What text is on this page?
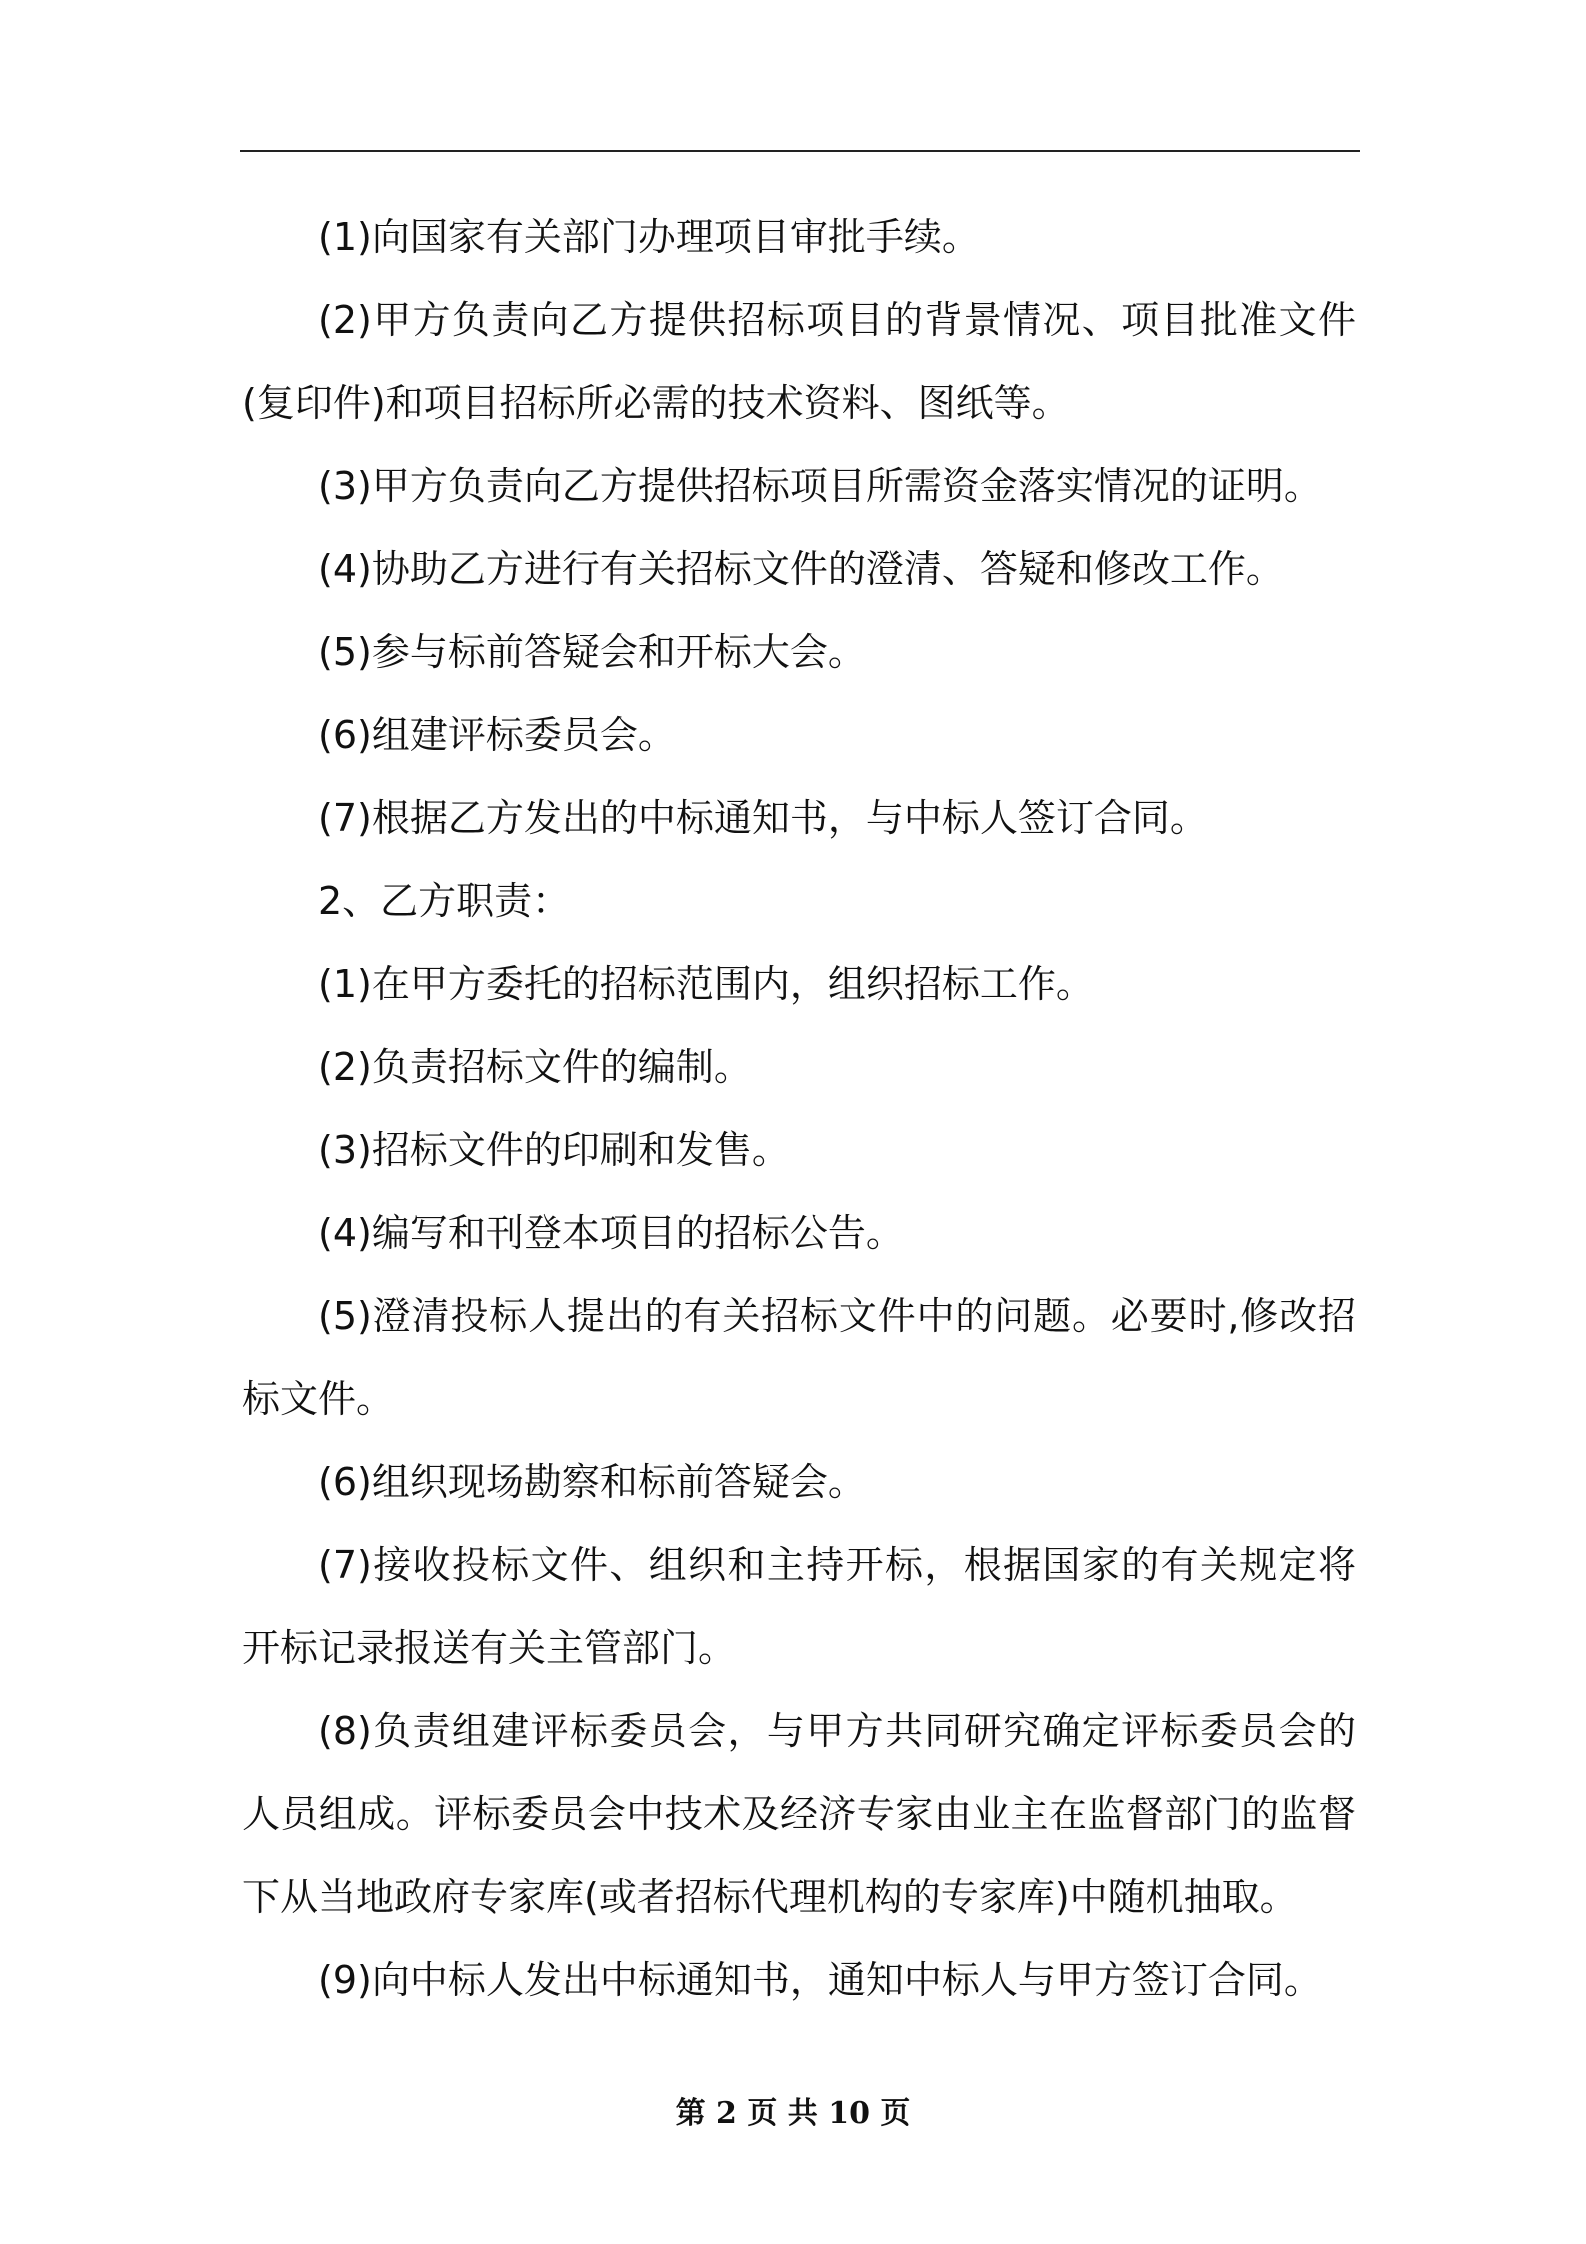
(1)向国家有关部门办理项目审批手续。

(2)甲方负责向乙方提供招标项目的背景情况、项目批准文件(复印件)和项目招标所必需的技术资料、图纸等。

(3)甲方负责向乙方提供招标项目所需资金落实情况的证明。

(4)协助乙方进行有关招标文件的澄清、答疑和修改工作。

(5)参与标前答疑会和开标大会。

(6)组建评标委员会。

(7)根据乙方发出的中标通知书，与中标人签订合同。

2、乙方职责：

(1)在甲方委托的招标范围内，组织招标工作。

(2)负责招标文件的编制。

(3)招标文件的印刷和发售。

(4)编写和刊登本项目的招标公告。

(5)澄清投标人提出的有关招标文件中的问题。必要时,修改招标文件。

(6)组织现场勘察和标前答疑会。

(7)接收投标文件、组织和主持开标，根据国家的有关规定将开标记录报送有关主管部门。

(8)负责组建评标委员会，与甲方共同研究确定评标委员会的人员组成。评标委员会中技术及经济专家由业主在监督部门的监督下从当地政府专家库(或者招标代理机构的专家库)中随机抽取。

(9)向中标人发出中标通知书，通知中标人与甲方签订合同。

第 2 页 共 10 页
